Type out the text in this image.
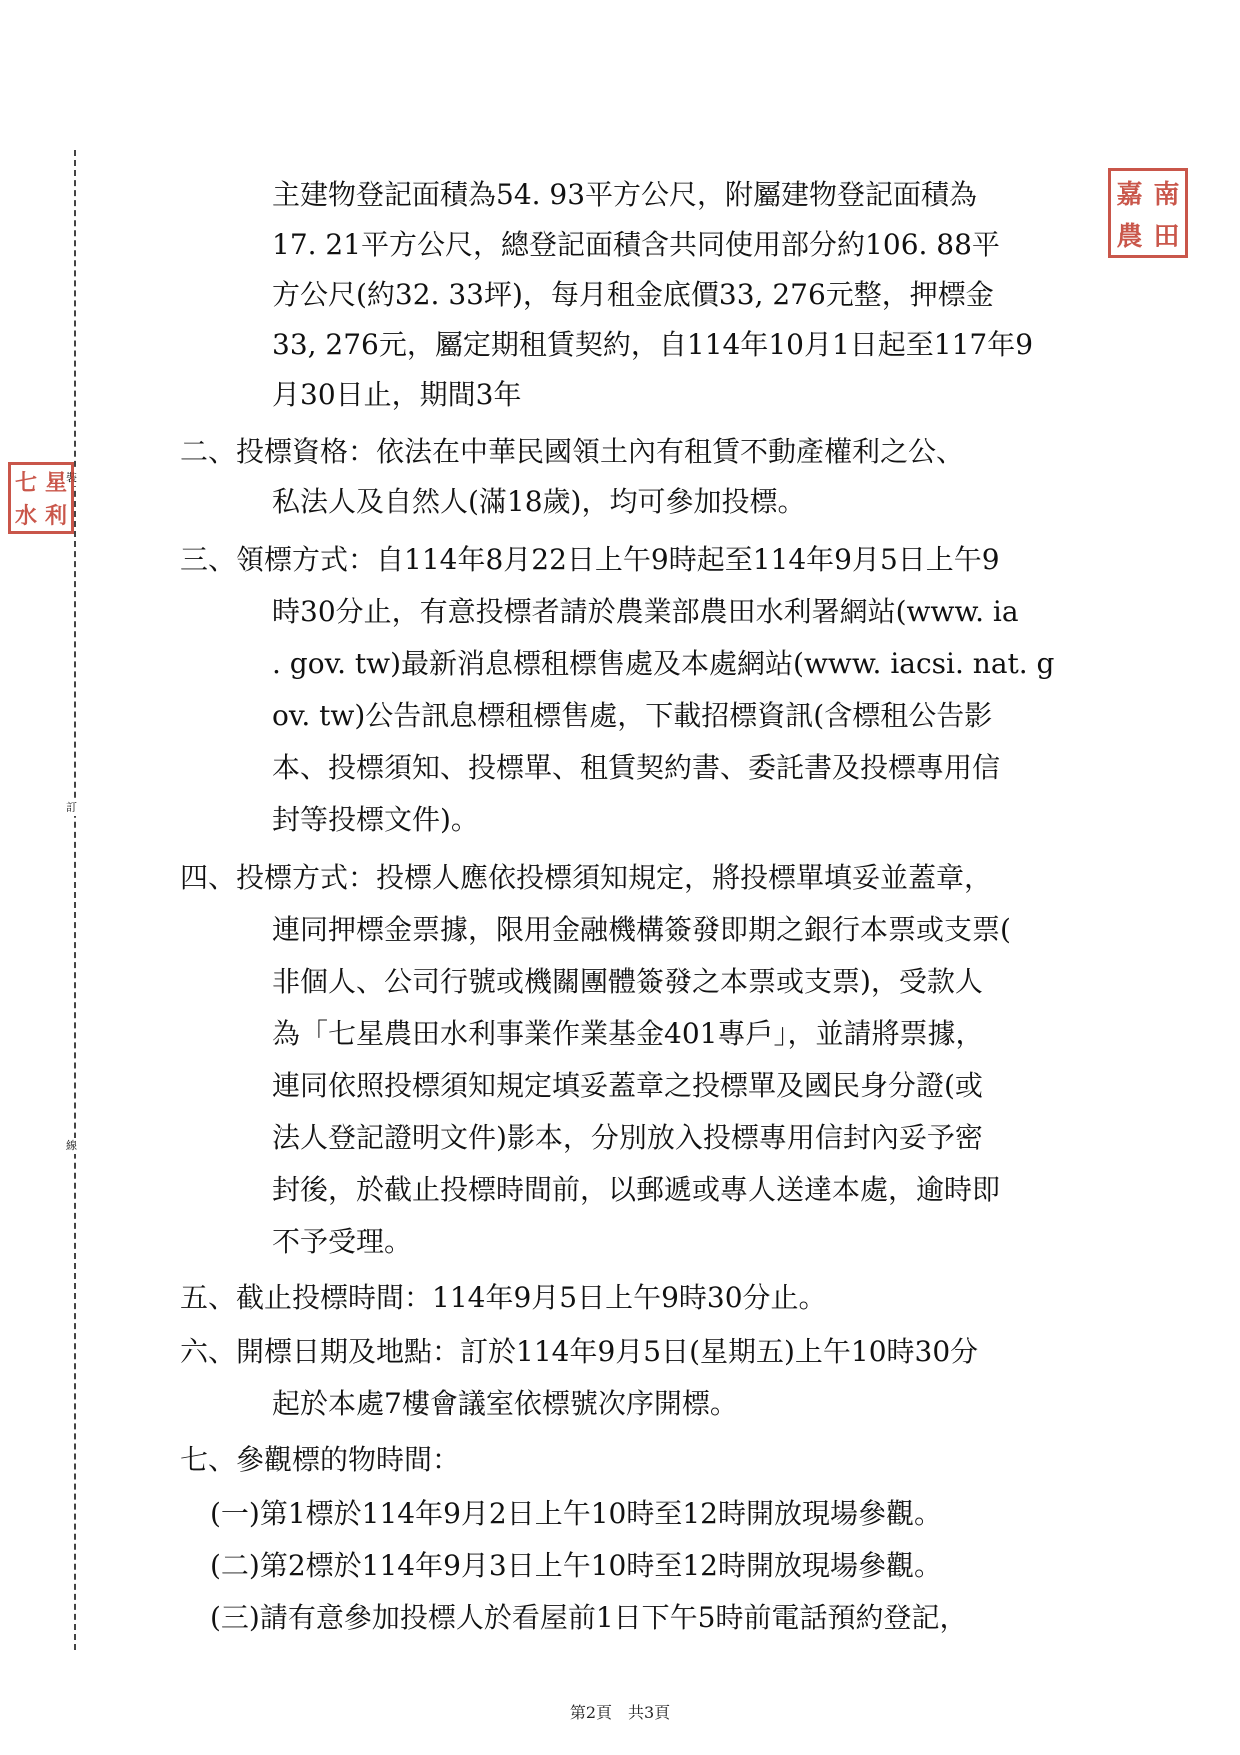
裝
訂
線
嘉 南
農 田
七 星
水 利
主建物登記面積為54. 93平方公尺，附屬建物登記面積為
17. 21平方公尺，總登記面積含共同使用部分約106. 88平
方公尺(約32. 33坪)，每月租金底價33, 276元整，押標金
33, 276元，屬定期租賃契約，自114年10月1日起至117年9
月30日止，期間3年
二、投標資格：依法在中華民國領土內有租賃不動產權利之公、
私法人及自然人(滿18歲)，均可參加投標。
三、領標方式：自114年8月22日上午9時起至114年9月5日上午9
時30分止，有意投標者請於農業部農田水利署網站(www. ia
. gov. tw)最新消息標租標售處及本處網站(www. iacsi. nat. g
ov. tw)公告訊息標租標售處，下載招標資訊(含標租公告影
本、投標須知、投標單、租賃契約書、委託書及投標專用信
封等投標文件)。
四、投標方式：投標人應依投標須知規定，將投標單填妥並蓋章，
連同押標金票據，限用金融機構簽發即期之銀行本票或支票(
非個人、公司行號或機關團體簽發之本票或支票)，受款人
為「七星農田水利事業作業基金401專戶」，並請將票據，
連同依照投標須知規定填妥蓋章之投標單及國民身分證(或
法人登記證明文件)影本，分別放入投標專用信封內妥予密
封後，於截止投標時間前，以郵遞或專人送達本處，逾時即
不予受理。
五、截止投標時間：114年9月5日上午9時30分止。
六、開標日期及地點：訂於114年9月5日(星期五)上午10時30分
起於本處7樓會議室依標號次序開標。
七、參觀標的物時間：
(一)第1標於114年9月2日上午10時至12時開放現場參觀。
(二)第2標於114年9月3日上午10時至12時開放現場參觀。
(三)請有意參加投標人於看屋前1日下午5時前電話預約登記，
第2頁　共3頁
